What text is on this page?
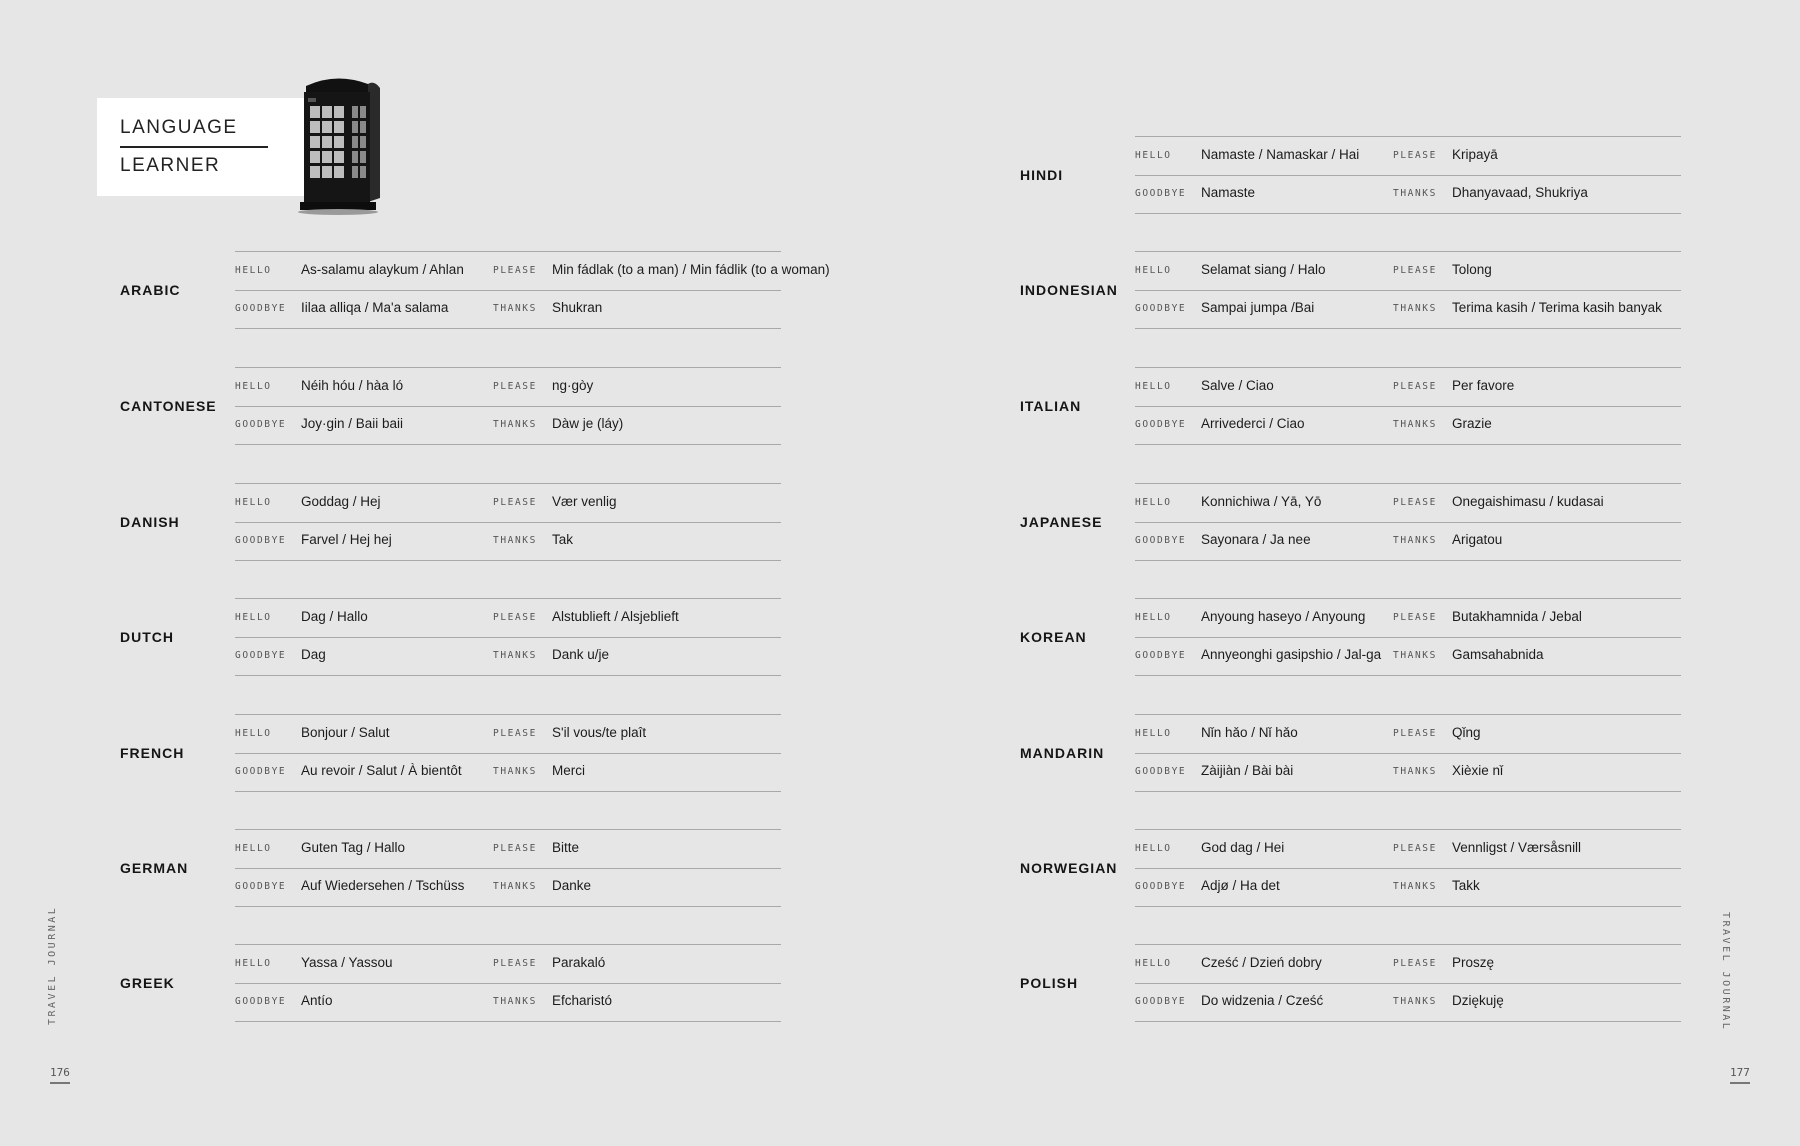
LANGUAGE
LEARNER
ARABIC
HELLO As-salamu alaykum / Ahlan	PLEASE Min fádlak (to a man) / Min fádlik (to a woman)
GOODBYE Iilaa alliqa / Ma'a salama	THANKS Shukran
CANTONESE
HELLO Néih hóu / hàa ló	PLEASE ng·gòy
GOODBYE Joy·gin / Baii baii	THANKS Dàw je (láy)
DANISH
HELLO Goddag / Hej	PLEASE Vær venlig
GOODBYE Farvel / Hej hej	THANKS Tak
DUTCH
HELLO Dag / Hallo	PLEASE Alstublieft / Alsjeblieft
GOODBYE Dag	THANKS Dank u/je
FRENCH
HELLO Bonjour / Salut	PLEASE S'il vous/te plaît
GOODBYE Au revoir / Salut / À bientôt	THANKS Merci
GERMAN
HELLO Guten Tag / Hallo	PLEASE Bitte
GOODBYE Auf Wiedersehen / Tschüss	THANKS Danke
GREEK
HELLO Yassa / Yassou	PLEASE Parakaló
GOODBYE Antío	THANKS Efcharistó
TRAVEL JOURNAL
176
HINDI
HELLO Namaste / Namaskar / Hai	PLEASE Kripayā
GOODBYE Namaste	THANKS Dhanyavaad, Shukriya
INDONESIAN
HELLO Selamat siang / Halo	PLEASE Tolong
GOODBYE Sampai jumpa /Bai	THANKS Terima kasih / Terima kasih banyak
ITALIAN
HELLO Salve / Ciao	PLEASE Per favore
GOODBYE Arrivederci / Ciao	THANKS Grazie
JAPANESE
HELLO Konnichiwa / Yā, Yō	PLEASE Onegaishimasu / kudasai
GOODBYE Sayonara / Ja nee	THANKS Arigatou
KOREAN
HELLO Anyoung haseyo / Anyoung	PLEASE Butakhamnida / Jebal
GOODBYE Annyeonghi gasipshio / Jal-ga THANKS Gamsahabnida
MANDARIN
HELLO Nǐn hǎo / Nǐ hǎo	PLEASE Qǐng
GOODBYE Zàijiàn / Bài bài	THANKS Xièxie nǐ
NORWEGIAN
HELLO God dag / Hei	PLEASE Vennligst / Værsåsnill
GOODBYE Adjø / Ha det	THANKS Takk
POLISH
HELLO Cześć / Dzień dobry	PLEASE Proszę
GOODBYE Do widzenia / Cześć	THANKS Dziękuję	TRAVEL JOURNAL
177
